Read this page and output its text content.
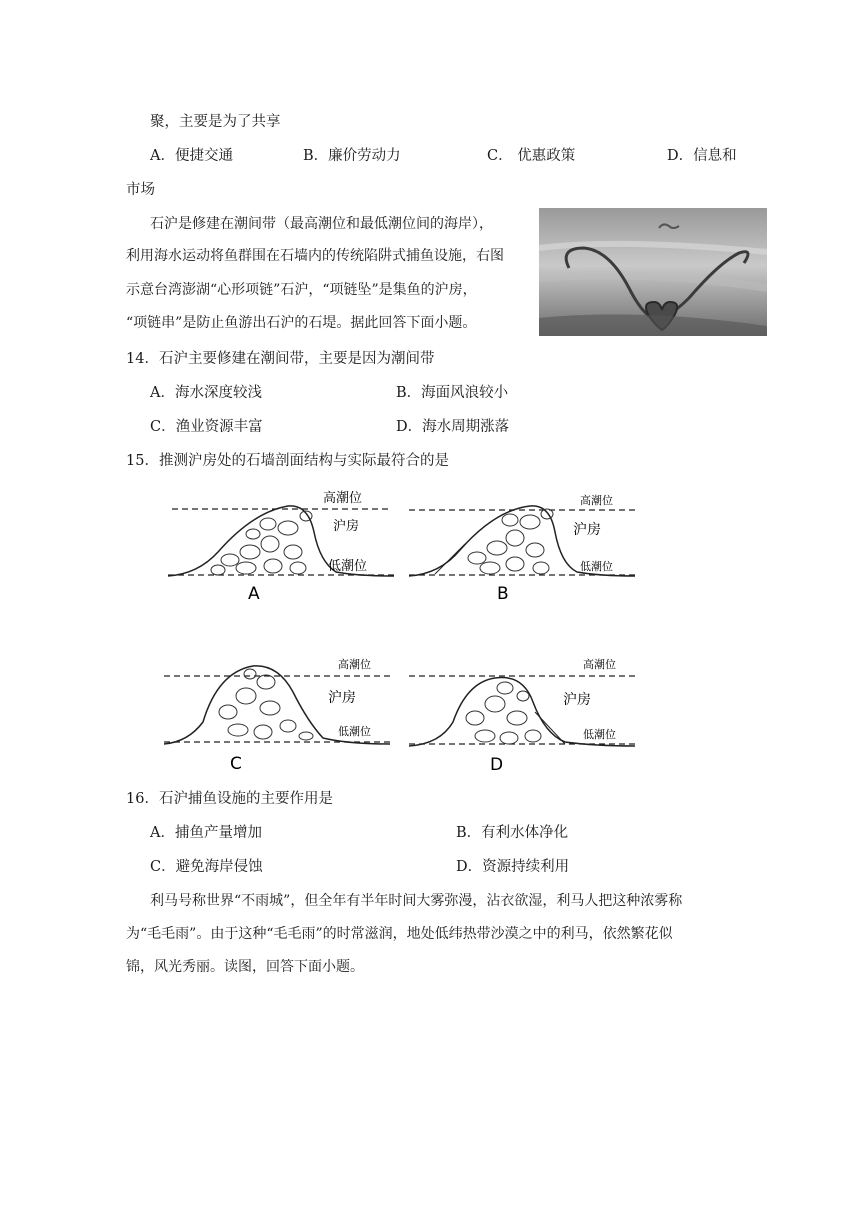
聚，主要是为了共享
A．便捷交通	B．廉价劳动力	C． 优惠政策	D．信息和
市场
石沪是修建在潮间带（最高潮位和最低潮位间的海岸），
利用海水运动将鱼群围在石墙内的传统陷阱式捕鱼设施，右图
示意台湾澎湖“心形项链”石沪，“项链坠”是集鱼的沪房，
“项链串”是防止鱼游出石沪的石堤。据此回答下面小题。
14．石沪主要修建在潮间带，主要是因为潮间带
A．海水深度较浅	B．海面风浪较小
C．渔业资源丰富	D．海水周期涨落
15．推测沪房处的石墙剖面结构与实际最符合的是
高潮位
沪房
低潮位
A
高潮位
沪房
低潮位
B
高潮位
沪房
低潮位
C
高潮位
沪房
低潮位
D
16．石沪捕鱼设施的主要作用是
A．捕鱼产量增加	B．有利水体净化
C．避免海岸侵蚀	D．资源持续利用
利马号称世界“不雨城”，但全年有半年时间大雾弥漫，沾衣欲湿，利马人把这种浓雾称
为“毛毛雨”。由于这种“毛毛雨”的时常滋润，地处低纬热带沙漠之中的利马，依然繁花似
锦，风光秀丽。读图，回答下面小题。
